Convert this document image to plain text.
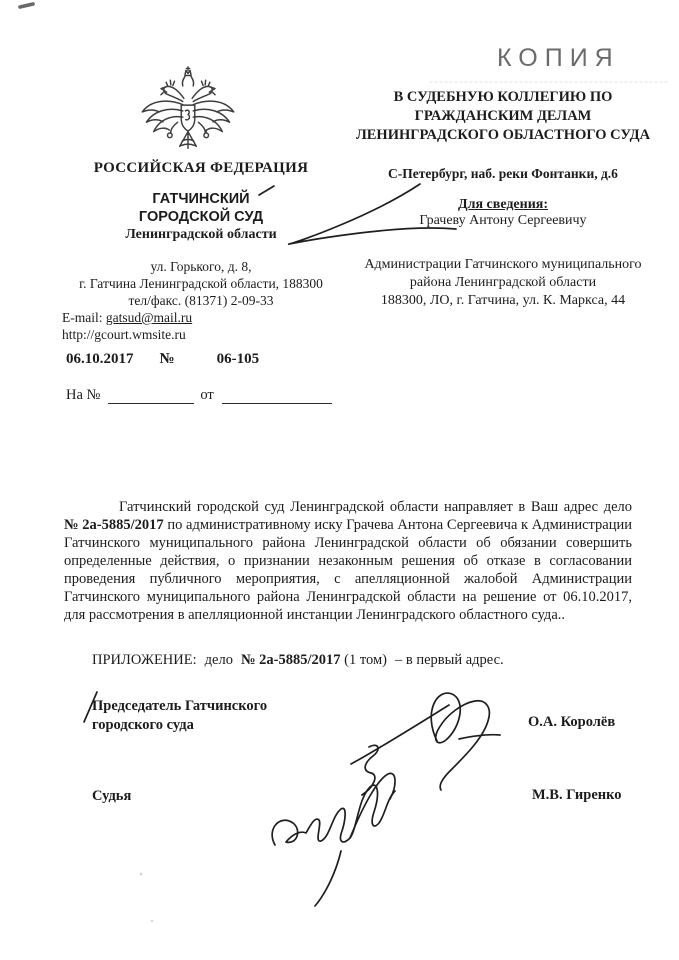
КОПИЯ
РОССИЙСКАЯ ФЕДЕРАЦИЯ
ГАТЧИНСКИЙ
ГОРОДСКОЙ СУД
Ленинградской области
ул. Горького, д. 8,
г. Гатчина Ленинградской области, 188300
тел/факс. (81371) 2-09-33
E-mail: gatsud@mail.ru
http://gcourt.wmsite.ru
06.10.2017 №	06-105
На №	от
В СУДЕБНУЮ КОЛЛЕГИЮ ПО
ГРАЖДАНСКИМ ДЕЛАМ
ЛЕНИНГРАДСКОГО ОБЛАСТНОГО СУДА
С-Петербург, наб. реки Фонтанки, д.6
Для сведения:
Грачеву Антону Сергеевичу
Администрации Гатчинского муниципального
района Ленинградской области
188300, ЛО, г. Гатчина, ул. К. Маркса, 44

Гатчинский городской суд Ленинградской области направляет в Ваш адрес дело № 2а-5885/2017 по административному иску Грачева Антона Сергеевича к Администрации Гатчинского муниципального района Ленинградской области об обязании совершить определенные действия, о признании незаконным решения об отказе в согласовании проведения публичного мероприятия, с апелляционной жалобой Администрации Гатчинского муниципального района Ленинградской области на решение от 06.10.2017, для рассмотрения в апелляционной инстанции Ленинградского областного суда..

ПРИЛОЖЕНИЕ: дело № 2а-5885/2017 (1 том) – в первый адрес.
Председатель Гатчинского
городского суда	О.А. Королёв
Судья	М.В. Гиренко
